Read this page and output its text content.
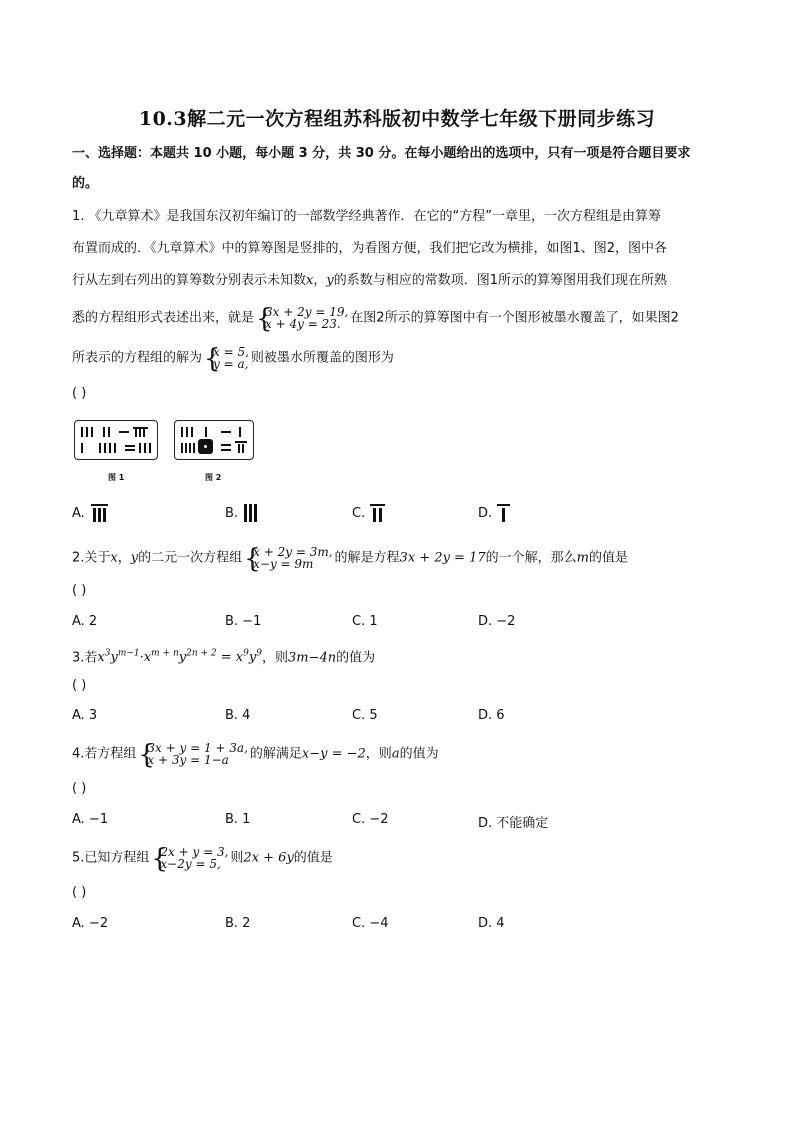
10.3解二元一次方程组苏科版初中数学七年级下册同步练习
一、选择题：本题共 10 小题，每小题 3 分，共 30 分。在每小题给出的选项中，只有一项是符合题目要求
的。
1. 《九章算术》是我国东汉初年编订的一部数学经典著作．在它的“方程”一章里，一次方程组是由算筹
布置而成的．《九章算术》中的算筹图是竖排的，为看图方便，我们把它改为横排，如图1、图2，图中各
行从左到右列出的算筹数分别表示未知数x，y的系数与相应的常数项．图1所示的算筹图用我们现在所熟
悉的方程组形式表述出来，就是 {
3x + 2y = 19,
x + 4y = 23. 在图2所示的算筹图中有一个图形被墨水覆盖了，如果图2
所表示的方程组的解为 {
x = 5,
y = a, 则被墨水所覆盖的图形为
( )
图 1	图 2
A.	B.	C.	D.
2.关于x，y的二元一次方程组 {
x + 2y = 3m,
x−y = 9m	的解是方程3x + 2y = 17的一个解，那么m的值是
( )
A. 2	B. −1	C. 1	D. −2
3.若$x^3y^{m-1}\cdot x^{m + n}y^{2n + 2} = x^9y^9$，则3m−4n的值为
( )
A. 3	B. 4	C. 5	D. 6
4.若方程组 {
3x + y = 1 + 3a,
x + 3y = 1−a	的解满足x−y = −2，则a的值为
( )
A. −1	B. 1	C. −2	D. 不能确定
5.已知方程组 {
2x + y = 3,
x−2y = 5, 则2x + 6y的值是
( )
A. −2	B. 2	C. −4	D. 4
